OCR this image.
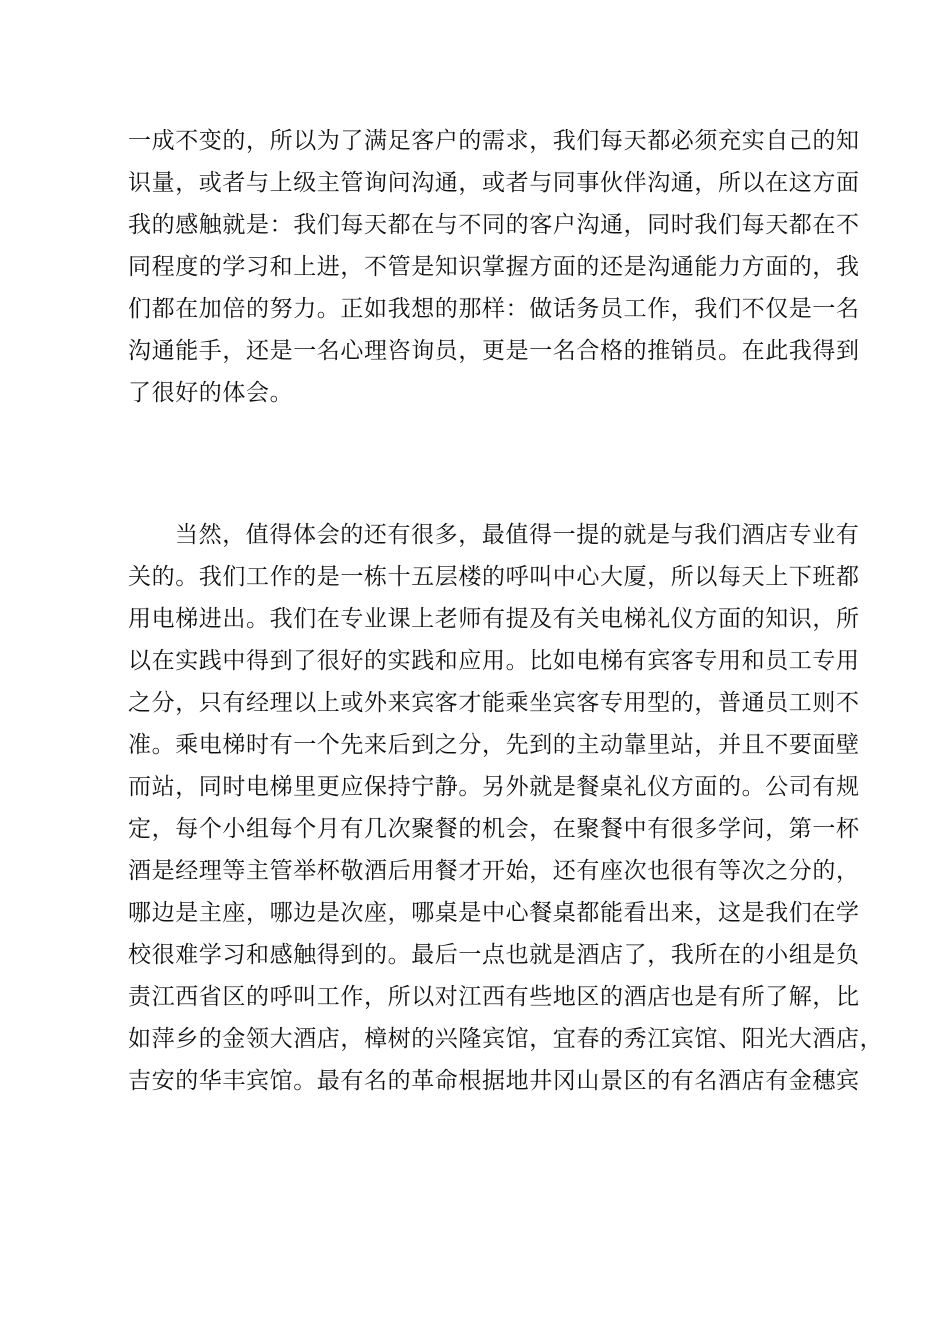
一成不变的，所以为了满足客户的需求，我们每天都必须充实自己的知
识量，或者与上级主管询问沟通，或者与同事伙伴沟通，所以在这方面
我的感触就是：我们每天都在与不同的客户沟通，同时我们每天都在不
同程度的学习和上进，不管是知识掌握方面的还是沟通能力方面的，我
们都在加倍的努力。正如我想的那样：做话务员工作，我们不仅是一名
沟通能手，还是一名心理咨询员，更是一名合格的推销员。在此我得到
了很好的体会。
当然，值得体会的还有很多，最值得一提的就是与我们酒店专业有
关的。我们工作的是一栋十五层楼的呼叫中心大厦，所以每天上下班都
用电梯进出。我们在专业课上老师有提及有关电梯礼仪方面的知识，所
以在实践中得到了很好的实践和应用。比如电梯有宾客专用和员工专用
之分，只有经理以上或外来宾客才能乘坐宾客专用型的，普通员工则不
准。乘电梯时有一个先来后到之分，先到的主动靠里站，并且不要面壁
而站，同时电梯里更应保持宁静。另外就是餐桌礼仪方面的。公司有规
定，每个小组每个月有几次聚餐的机会，在聚餐中有很多学问，第一杯
酒是经理等主管举杯敬酒后用餐才开始，还有座次也很有等次之分的，
哪边是主座，哪边是次座，哪桌是中心餐桌都能看出来，这是我们在学
校很难学习和感触得到的。最后一点也就是酒店了，我所在的小组是负
责江西省区的呼叫工作，所以对江西有些地区的酒店也是有所了解，比
如萍乡的金领大酒店，樟树的兴隆宾馆，宜春的秀江宾馆、阳光大酒店，
吉安的华丰宾馆。最有名的革命根据地井冈山景区的有名酒店有金穗宾
